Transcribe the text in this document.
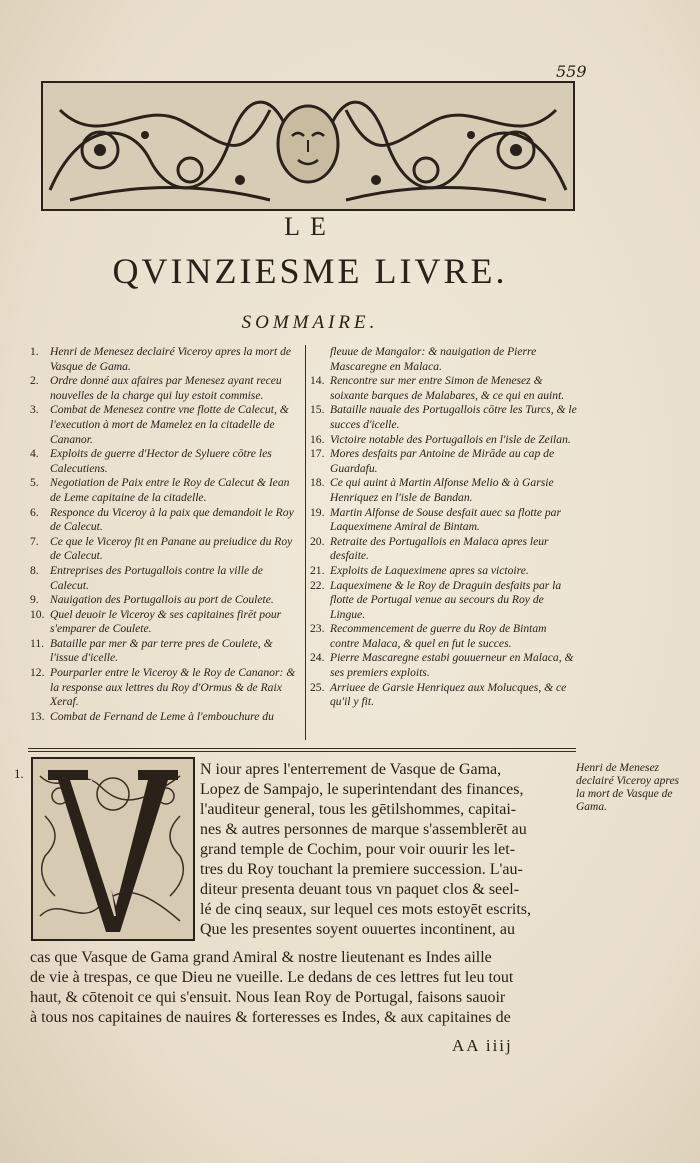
559
LE
QVINZIESME LIVRE.
SOMMAIRE.
1. Henri de Menesez declairé Viceroy apres la mort de Vasque de Gama.
2. Ordre donné aux afaires par Menesez ayant receu nouvelles de la charge qui luy estoit commise.
3. Combat de Menesez contre vne flotte de Calecut, & l'execution à mort de Mamelez en la citadelle de Cananor.
4. Exploits de guerre d'Hector de Syluere cōtre les Calecutiens.
5. Negotiation de Paix entre le Roy de Calecut & Iean de Leme capitaine de la citadelle.
6. Responce du Viceroy à la paix que demandoit le Roy de Calecut.
7. Ce que le Viceroy fit en Panane au preiudice du Roy de Calecut.
8. Entreprises des Portugallois contre la ville de Calecut.
9. Nauigation des Portugallois au port de Coulete.
10. Quel deuoir le Viceroy & ses capitaines firēt pour s'emparer de Coulete.
11. Bataille par mer & par terre pres de Coulete, & l'issue d'icelle.
12. Pourparler entre le Viceroy & le Roy de Cananor: & la response aux lettres du Roy d'Ormus & de Raix Xeraf.
13. Combat de Fernand de Leme à l'embouchure du
fleuue de Mangalor: & nauigation de Pierre Mascaregne en Malaca.
14. Rencontre sur mer entre Simon de Menesez & soixante barques de Malabares, & ce qui en auint.
15. Bataille nauale des Portugallois cōtre les Turcs, & le succes d'icelle.
16. Victoire notable des Portugallois en l'isle de Zeilan.
17. Mores desfaits par Antoine de Mirāde au cap de Guardafu.
18. Ce qui auint à Martin Alfonse Melio & à Garsie Henriquez en l'isle de Bandan.
19. Martin Alfonse de Souse desfait auec sa flotte par Laqueximene Amiral de Bintam.
20. Retraite des Portugallois en Malaca apres leur desfaite.
21. Exploits de Laqueximene apres sa victoire.
22. Laqueximene & le Roy de Draguin desfaits par la flotte de Portugal venue au secours du Roy de Lingue.
23. Recommencement de guerre du Roy de Bintam contre Malaca, & quel en fut le succes.
24. Pierre Mascaregne estabi gouuerneur en Malaca, & ses premiers exploits.
25. Arriuee de Garsie Henriquez aux Molucques, & ce qu'il y fit.
1.	N iour apres l'enterrement de Vasque de Gama,
Lopez de Sampajo, le superintendant des finances,
l'auditeur general, tous les gētilshommes, capitai-
nes & autres personnes de marque s'assemblerēt au
grand temple de Cochim, pour voir ouurir les let-
tres du Roy touchant la premiere succession. L'au-
diteur presenta deuant tous vn paquet clos & seel-
lé de cinq seaux, sur lequel ces mots estoyēt escrits,
Que les presentes soyent ouuertes incontinent, au
cas que Vasque de Gama grand Amiral & nostre lieutenant es Indes aille
de vie à trespas, ce que Dieu ne vueille. Le dedans de ces lettres fut leu tout
haut, & cōtenoit ce qui s'ensuit. Nous Iean Roy de Portugal, faisons sauoir
à tous nos capitaines de nauires & forteresses es Indes, & aux capitaines de
Henri de Menesez declairé Viceroy apres la mort de Vasque de Gama.
AA iiij
